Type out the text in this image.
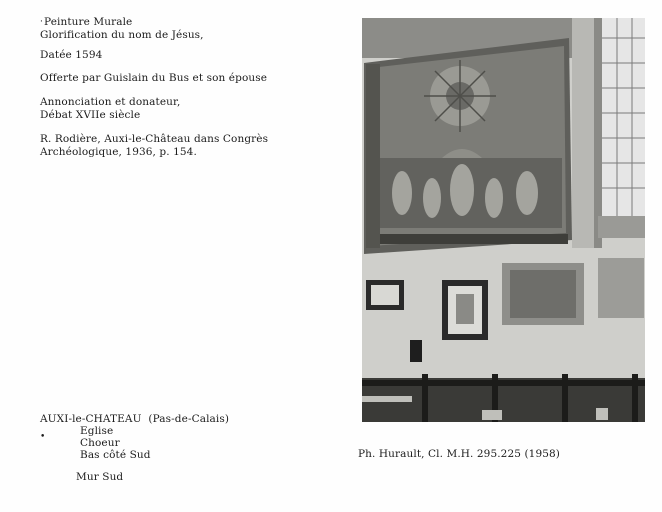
· Peinture Murale
Glorification du nom de Jésus,
Datée 1594
Offerte par Guislain du Bus et son épouse
Annonciation et donateur,
Débat XVIIe siècle
R. Rodière, Auxi-le-Château dans Congrès
Archéologique, 1936, p. 154.
AUXI-le-CHATEAU (Pas-de-Calais)
•	Eglise
Choeur
Bas côté Sud
Mur Sud
Ph. Hurault, Cl. M.H. 295.225 (1958)
